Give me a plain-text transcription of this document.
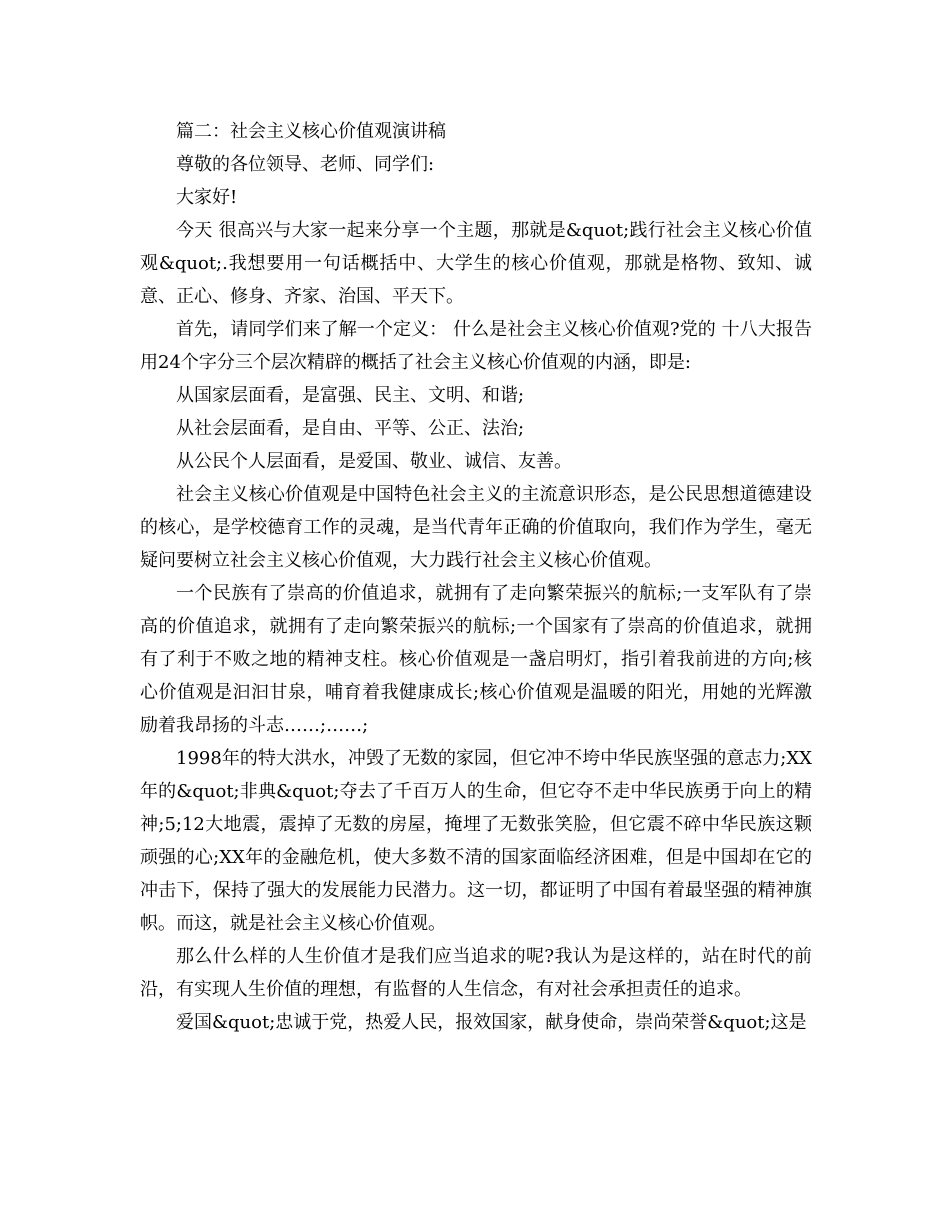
篇二：社会主义核心价值观演讲稿

尊敬的各位领导、老师、同学们:

大家好!

今天 很高兴与大家一起来分享一个主题，那就是&quot;践行社会主义核心价值观&quot;.我想要用一句话概括中、大学生的核心价值观，那就是格物、致知、诚意、正心、修身、齐家、治国、平天下。

首先，请同学们来了解一个定义： 什么是社会主义核心价值观?党的 十八大报告用24个字分三个层次精辟的概括了社会主义核心价值观的内涵，即是:

从国家层面看，是富强、民主、文明、和谐;

从社会层面看，是自由、平等、公正、法治;

从公民个人层面看，是爱国、敬业、诚信、友善。

社会主义核心价值观是中国特色社会主义的主流意识形态，是公民思想道德建设的核心，是学校德育工作的灵魂，是当代青年正确的价值取向，我们作为学生，毫无疑问要树立社会主义核心价值观，大力践行社会主义核心价值观。

一个民族有了崇高的价值追求，就拥有了走向繁荣振兴的航标;一支军队有了崇高的价值追求，就拥有了走向繁荣振兴的航标;一个国家有了崇高的价值追求，就拥有了利于不败之地的精神支柱。核心价值观是一盏启明灯，指引着我前进的方向;核心价值观是汩汩甘泉，哺育着我健康成长;核心价值观是温暖的阳光，用她的光辉激励着我昂扬的斗志……;……;

1998年的特大洪水，冲毁了无数的家园，但它冲不垮中华民族坚强的意志力;XX年的&quot;非典&quot;夺去了千百万人的生命，但它夺不走中华民族勇于向上的精神;5;12大地震，震掉了无数的房屋，掩埋了无数张笑脸，但它震不碎中华民族这颗顽强的心;XX年的金融危机，使大多数不清的国家面临经济困难，但是中国却在它的冲击下，保持了强大的发展能力民潜力。这一切，都证明了中国有着最坚强的精神旗帜。而这，就是社会主义核心价值观。

那么什么样的人生价值才是我们应当追求的呢?我认为是这样的，站在时代的前沿，有实现人生价值的理想，有监督的人生信念，有对社会承担责任的追求。

爱国&quot;忠诚于党，热爱人民，报效国家，献身使命，崇尚荣誉&quot;这是
